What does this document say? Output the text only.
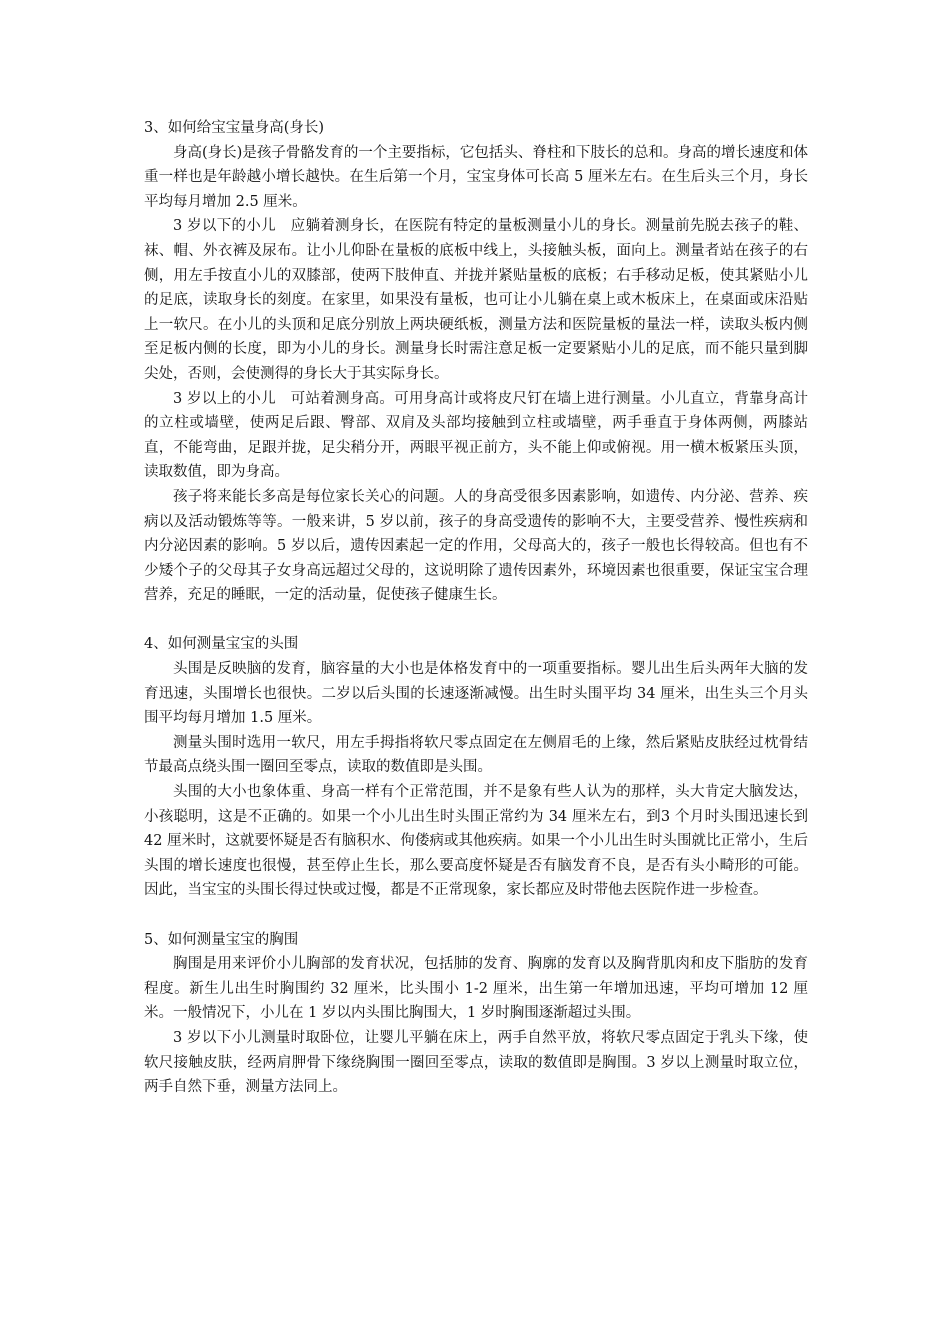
3、如何给宝宝量身高(身长)

身高(身长)是孩子骨骼发育的一个主要指标，它包括头、脊柱和下肢长的总和。身高的增长速度和体重一样也是年龄越小增长越快。在生后第一个月，宝宝身体可长高 5 厘米左右。在生后头三个月，身长平均每月增加 2.5 厘米。

3 岁以下的小儿　应躺着测身长，在医院有特定的量板测量小儿的身长。测量前先脱去孩子的鞋、袜、帽、外衣裤及尿布。让小儿仰卧在量板的底板中线上，头接触头板，面向上。测量者站在孩子的右侧，用左手按直小儿的双膝部，使两下肢伸直、并拢并紧贴量板的底板；右手移动足板，使其紧贴小儿的足底，读取身长的刻度。在家里，如果没有量板，也可让小儿躺在桌上或木板床上，在桌面或床沿贴上一软尺。在小儿的头顶和足底分别放上两块硬纸板，测量方法和医院量板的量法一样，读取头板内侧至足板内侧的长度，即为小儿的身长。测量身长时需注意足板一定要紧贴小儿的足底，而不能只量到脚尖处，否则，会使测得的身长大于其实际身长。

3 岁以上的小儿　可站着测身高。可用身高计或将皮尺钉在墙上进行测量。小儿直立，背靠身高计的立柱或墙壁，使两足后跟、臀部、双肩及头部均接触到立柱或墙壁，两手垂直于身体两侧，两膝站直，不能弯曲，足跟并拢，足尖稍分开，两眼平视正前方，头不能上仰或俯视。用一横木板紧压头顶，读取数值，即为身高。

孩子将来能长多高是每位家长关心的问题。人的身高受很多因素影响，如遗传、内分泌、营养、疾病以及活动锻炼等等。一般来讲，5 岁以前，孩子的身高受遗传的影响不大，主要受营养、慢性疾病和内分泌因素的影响。5 岁以后，遗传因素起一定的作用，父母高大的，孩子一般也长得较高。但也有不少矮个子的父母其子女身高远超过父母的，这说明除了遗传因素外，环境因素也很重要，保证宝宝合理营养，充足的睡眠，一定的活动量，促使孩子健康生长。

4、如何测量宝宝的头围

头围是反映脑的发育，脑容量的大小也是体格发育中的一项重要指标。婴儿出生后头两年大脑的发育迅速，头围增长也很快。二岁以后头围的长速逐渐减慢。出生时头围平均 34 厘米，出生头三个月头围平均每月增加 1.5 厘米。

测量头围时选用一软尺，用左手拇指将软尺零点固定在左侧眉毛的上缘，然后紧贴皮肤经过枕骨结节最高点绕头围一圈回至零点，读取的数值即是头围。

头围的大小也象体重、身高一样有个正常范围，并不是象有些人认为的那样，头大肯定大脑发达，小孩聪明，这是不正确的。如果一个小儿出生时头围正常约为 34 厘米左右，到3 个月时头围迅速长到 42 厘米时，这就要怀疑是否有脑积水、佝偻病或其他疾病。如果一个小儿出生时头围就比正常小，生后头围的增长速度也很慢，甚至停止生长，那么要高度怀疑是否有脑发育不良，是否有头小畸形的可能。因此，当宝宝的头围长得过快或过慢，都是不正常现象，家长都应及时带他去医院作进一步检查。

5、如何测量宝宝的胸围

胸围是用来评价小儿胸部的发育状况，包括肺的发育、胸廓的发育以及胸背肌肉和皮下脂肪的发育程度。新生儿出生时胸围约 32 厘米，比头围小 1-2 厘米，出生第一年增加迅速，平均可增加 12 厘米。一般情况下，小儿在 1 岁以内头围比胸围大，1 岁时胸围逐渐超过头围。

3 岁以下小儿测量时取卧位，让婴儿平躺在床上，两手自然平放，将软尺零点固定于乳头下缘，使软尺接触皮肤，经两肩胛骨下缘绕胸围一圈回至零点，读取的数值即是胸围。3 岁以上测量时取立位，两手自然下垂，测量方法同上。
